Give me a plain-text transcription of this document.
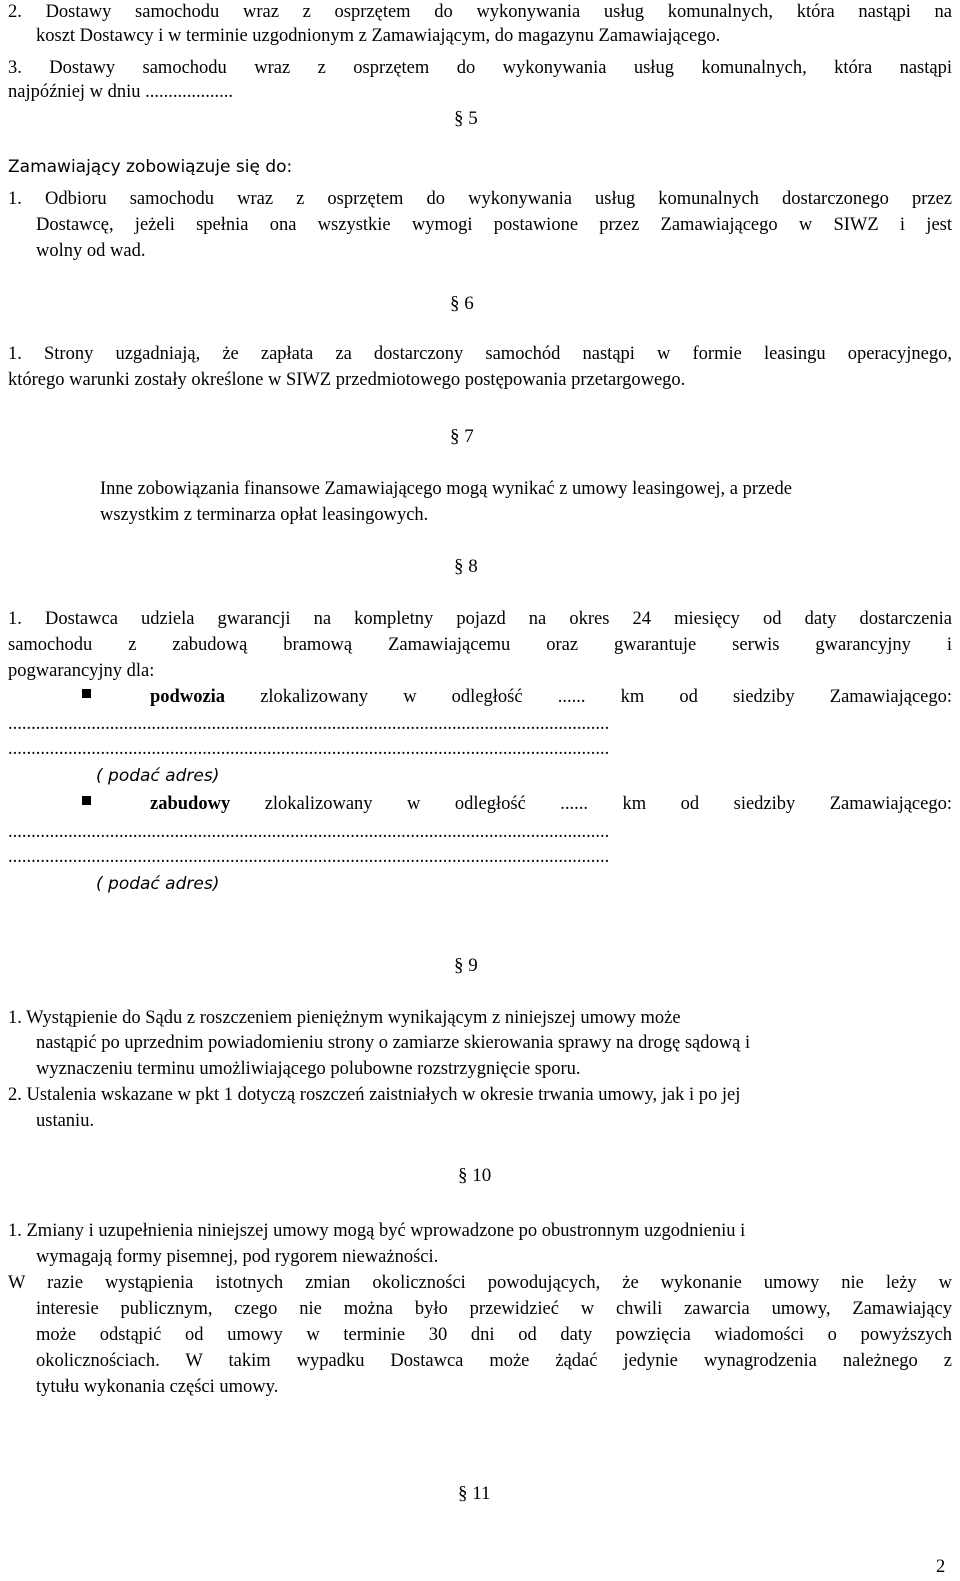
2. Dostawy samochodu wraz z osprzętem do wykonywania usług komunalnych, która nastąpi na
koszt Dostawcy i w terminie uzgodnionym z Zamawiającym, do magazynu Zamawiającego.
3. Dostawy samochodu wraz z osprzętem do wykonywania usług komunalnych, która nastąpi
najpóźniej w dniu ...................
§ 5
Zamawiający zobowiązuje się do:
1. Odbioru samochodu wraz z osprzętem do wykonywania usług komunalnych dostarczonego przez
Dostawcę, jeżeli spełnia ona wszystkie wymogi postawione przez Zamawiającego w SIWZ i jest
wolny od wad.
§ 6
1. Strony uzgadniają, że zapłata za dostarczony samochód nastąpi w formie leasingu operacyjnego,
którego warunki zostały określone w SIWZ przedmiotowego postępowania przetargowego.
§ 7
Inne zobowiązania finansowe Zamawiającego mogą wynikać z umowy leasingowej, a przede
wszystkim z terminarza opłat leasingowych.
§ 8
1. Dostawca udziela gwarancji na kompletny pojazd na okres 24 miesięcy od daty dostarczenia
samochodu z zabudową bramową Zamawiającemu oraz gwarantuje serwis gwarancyjny i
pogwarancyjny dla:
podwozia zlokalizowany w odległość ...... km od siedziby Zamawiającego:
..................................................................................................................................
..................................................................................................................................
( podać adres)
zabudowy zlokalizowany w odległość ...... km od siedziby Zamawiającego:
..................................................................................................................................
..................................................................................................................................
( podać adres)
§ 9
1. Wystąpienie do Sądu z roszczeniem pieniężnym wynikającym z niniejszej umowy może
nastąpić po uprzednim powiadomieniu strony o zamiarze skierowania sprawy na drogę sądową i
wyznaczeniu terminu umożliwiającego polubowne rozstrzygnięcie sporu.
2. Ustalenia wskazane w pkt 1 dotyczą roszczeń zaistniałych w okresie trwania umowy, jak i po jej
ustaniu.
§ 10
1. Zmiany i uzupełnienia niniejszej umowy mogą być wprowadzone po obustronnym uzgodnieniu i
wymagają formy pisemnej, pod rygorem nieważności.
W razie wystąpienia istotnych zmian okoliczności powodujących, że wykonanie umowy nie leży w
interesie publicznym, czego nie można było przewidzieć w chwili zawarcia umowy, Zamawiający
może odstąpić od umowy w terminie 30 dni od daty powzięcia wiadomości o powyższych
okolicznościach. W takim wypadku Dostawca może żądać jedynie wynagrodzenia należnego z
tytułu wykonania części umowy.
§ 11
2
